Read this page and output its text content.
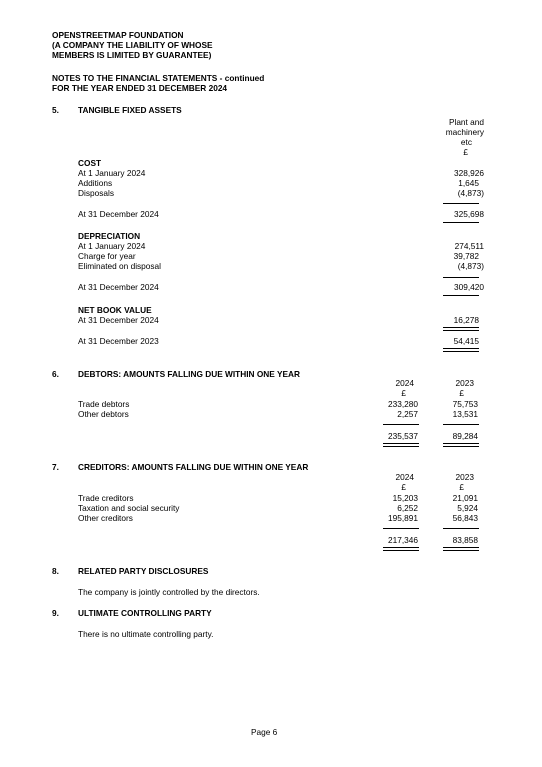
OPENSTREETMAP FOUNDATION
(A COMPANY THE LIABILITY OF WHOSE
MEMBERS IS LIMITED BY GUARANTEE)
NOTES TO THE FINANCIAL STATEMENTS - continued
FOR THE YEAR ENDED 31 DECEMBER 2024
5. TANGIBLE FIXED ASSETS
Plant and
machinery
etc
£
COST
At 1 January 2024	328,926
Additions	1,645
Disposals	(4,873)
At 31 December 2024	325,698
DEPRECIATION
At 1 January 2024	274,511
Charge for year	39,782
Eliminated on disposal	(4,873)
At 31 December 2024	309,420
NET BOOK VALUE
At 31 December 2024	16,278
At 31 December 2023	54,415
6. DEBTORS: AMOUNTS FALLING DUE WITHIN ONE YEAR
2024	2023
£	£
Trade debtors	233,280	75,753
Other debtors	2,257	13,531
235,537	89,284
7. CREDITORS: AMOUNTS FALLING DUE WITHIN ONE YEAR
2024	2023
£	£
Trade creditors	15,203	21,091
Taxation and social security	6,252	5,924
Other creditors	195,891	56,843
217,346	83,858
8. RELATED PARTY DISCLOSURES
The company is jointly controlled by the directors.
9. ULTIMATE CONTROLLING PARTY
There is no ultimate controlling party.
Page 6
